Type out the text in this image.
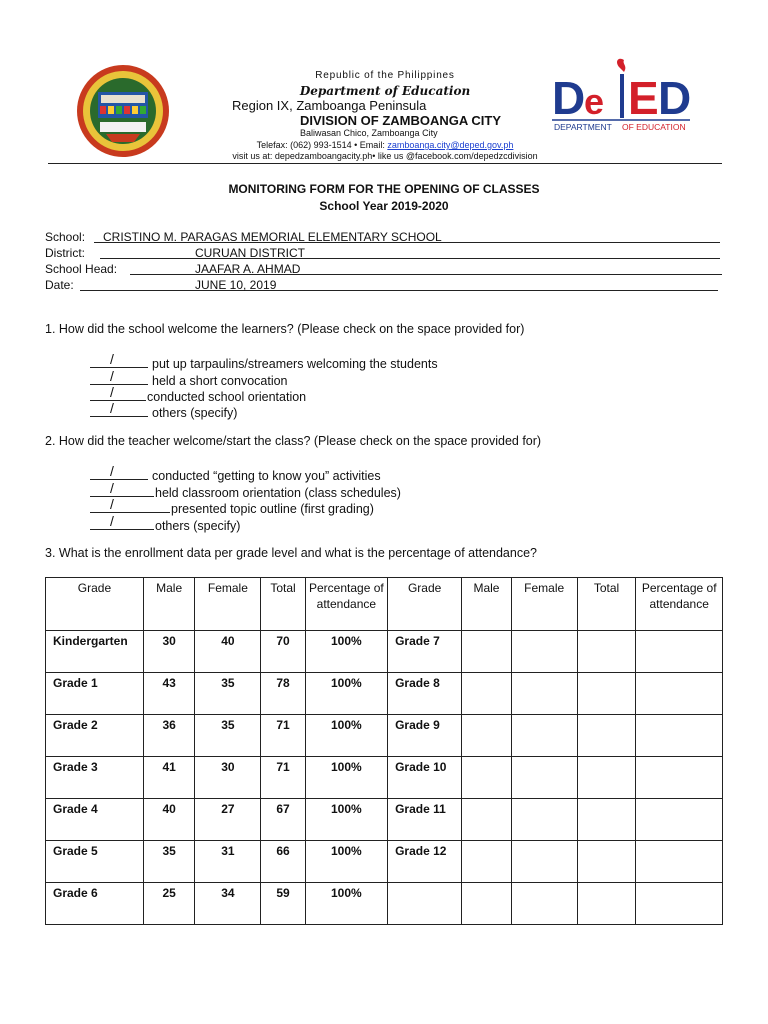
Republic of the Philippines
Department of Education
Region IX, Zamboanga Peninsula
DIVISION OF ZAMBOANGA CITY
Baliwasan Chico, Zamboanga City
Telefax: (062) 993-1514 • Email: zamboanga.city@deped.gov.ph
visit us at: depedzamboangacity.ph• like us @facebook.com/depedzcdivision
D
e E D
DEPARTMENT OF EDUCATION
DepED
MONITORING FORM FOR THE OPENING OF CLASSES
School Year 2019-2020
School: CRISTINO M. PARAGAS MEMORIAL ELEMENTARY SCHOOL
District:	CURUAN DISTRICT
School Head:	JAAFAR A. AHMAD
Date:	JUNE 10, 2019
1. How did the school welcome the learners? (Please check on the space provided for)
/	put up tarpaulins/streamers welcoming the students
/	held a short convocation
/	conducted school orientation
/	others (specify)
2. How did the teacher welcome/start the class? (Please check on the space provided for)
/	conducted “getting to know you” activities
/	held classroom orientation (class schedules)
/	presented topic outline (first grading)
/	others (specify)
3. What is the enrollment data per grade level and what is the percentage of attendance?
Grade	Male	Female	Total	Percentage of attendance	Grade	Male	Female	Total	Percentage of attendance
Kindergarten	30	40	70	100%	Grade 7				
Grade 1	43	35	78	100%	Grade 8				
Grade 2	36	35	71	100%	Grade 9				
Grade 3	41	30	71	100%	Grade 10				
Grade 4	40	27	67	100%	Grade 11				
Grade 5	35	31	66	100%	Grade 12				
Grade 6	25	34	59	100%					
